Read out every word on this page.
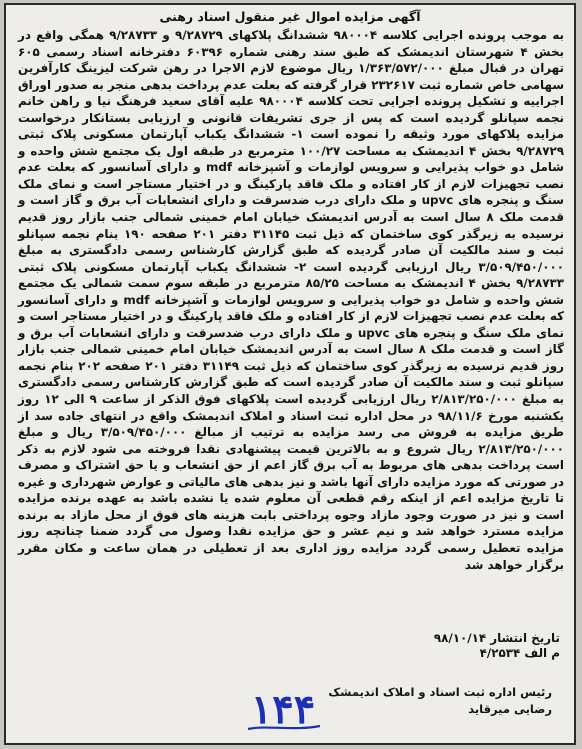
آگهی مزایده اموال غیر منقول اسناد رهنی

به موجب پرونده اجرایی کلاسه ۹۸۰۰۰۴ ششدانگ پلاکهای ۹/۲۸۷۲۹ و ۹/۲۸۷۳۳ همگی واقع در بخش ۴ شهرستان اندیمشک که طبق سند رهنی شماره ۶۰۳۹۶ دفترخانه اسناد رسمی ۶۰۵ تهران در قبال مبلغ ۱/۳۶۳/۵۷۲/۰۰۰ ریال موضوع لازم الاجرا در رهن شرکت لیزینگ کارآفرین سهامی خاص شماره ثبت ۲۳۲۶۱۷ قرار گرفته که بعلت عدم پرداخت بدهی منجر به صدور اوراق اجراییه و تشکیل پرونده اجرایی تحت کلاسه ۹۸۰۰۰۴ علیه آقای سعید فرهنگ نیا و راهن خانم نجمه سپانلو گردیده است که پس از جری تشریفات قانونی و ارزیابی بستانکار درخواست مزایده پلاکهای مورد وثیقه را نموده است ۱- ششدانگ یکباب آپارتمان مسکونی پلاک ثبتی ۹/۲۸۷۲۹ بخش ۴ اندیمشک به مساحت ۱۰۰/۲۷ مترمربع در طبقه اول یک مجتمع شش واحده و شامل دو خواب پذیرایی و سرویس لوازمات و آشپزخانه mdf و دارای آسانسور که بعلت عدم نصب تجهیزات لازم از کار افتاده و ملک فاقد پارکینگ و در اختیار مستاجر است و نمای ملک سنگ و پنجره های upvc و ملک دارای درب ضدسرقت و دارای انشعابات آب برق و گاز است و قدمت ملک ۸ سال است به آدرس اندیمشک خیابان امام خمینی شمالی جنب بازار روز قدیم نرسیده به زیرگذر کوی ساختمان که ذیل ثبت ۳۱۱۴۵ دفتر ۲۰۱ صفحه ۱۹۰ بنام نجمه سپانلو ثبت و سند مالکیت آن صادر گردیده که طبق گزارش کارشناس رسمی دادگستری به مبلغ ۳/۵۰۹/۴۵۰/۰۰۰ ریال ارزیابی گردیده است ۲- ششدانگ یکباب آپارتمان مسکونی پلاک ثبتی ۹/۲۸۷۳۳ بخش ۴ اندیمشک به مساحت ۸۵/۲۵ مترمربع در طبقه سوم سمت شمالی یک مجتمع شش واحده و شامل دو خواب پذیرایی و سرویس لوازمات و آشپزخانه mdf و دارای آسانسور که بعلت عدم نصب تجهیزات لازم از کار افتاده و ملک فاقد پارکینگ و در اختیار مستاجر است و نمای ملک سنگ و پنجره های upvc و ملک دارای درب ضدسرقت و دارای انشعابات آب برق و گاز است و قدمت ملک ۸ سال است به آدرس اندیمشک خیابان امام خمینی شمالی جنب بازار روز قدیم نرسیده به زیرگذر کوی ساختمان که ذیل ثبت ۳۱۱۴۹ دفتر ۲۰۱ صفحه ۲۰۲ بنام نجمه سپانلو ثبت و سند مالکیت آن صادر گردیده است که طبق گزارش کارشناس رسمی دادگستری به مبلغ ۲/۸۱۳/۲۵۰/۰۰۰ ریال ارزیابی گردیده است پلاکهای فوق الذکر از ساعت ۹ الی ۱۲ روز یکشنبه مورخ ۹۸/۱۱/۶ در محل اداره ثبت اسناد و املاک اندیمشک واقع در انتهای جاده سد از طریق مزایده به فروش می رسد مزایده به ترتیب از مبالغ ۳/۵۰۹/۴۵۰/۰۰۰ ریال و مبلغ ۲/۸۱۳/۲۵۰/۰۰۰ ریال شروع و به بالاترین قیمت پیشنهادی نقدا فروخته می شود لازم به ذکر است پرداخت بدهی های مربوط به آب برق گاز اعم از حق انشعاب و یا حق اشتراک و مصرف در صورتی که مورد مزایده دارای آنها باشد و نیز بدهی های مالیاتی و عوارض شهرداری و غیره تا تاریخ مزایده اعم از اینکه رقم قطعی آن معلوم شده یا نشده باشد به عهده برنده مزایده است و نیز در صورت وجود مازاد وجوه پرداختی بابت هزینه های فوق از محل مازاد به برنده مزایده مسترد خواهد شد و نیم عشر و حق مزایده نقدا وصول می گردد ضمنا چنانچه روز مزایده تعطیل رسمی گردد مزایده روز اداری بعد از تعطیلی در همان ساعت و مکان مقرر برگزار خواهد شد

تاریخ انتشار ۹۸/۱۰/۱۴

م الف ۴/۲۵۳۴

رئیس اداره ثبت اسناد و املاک اندیمشک

رضایی میرقاید

۱۴۴
